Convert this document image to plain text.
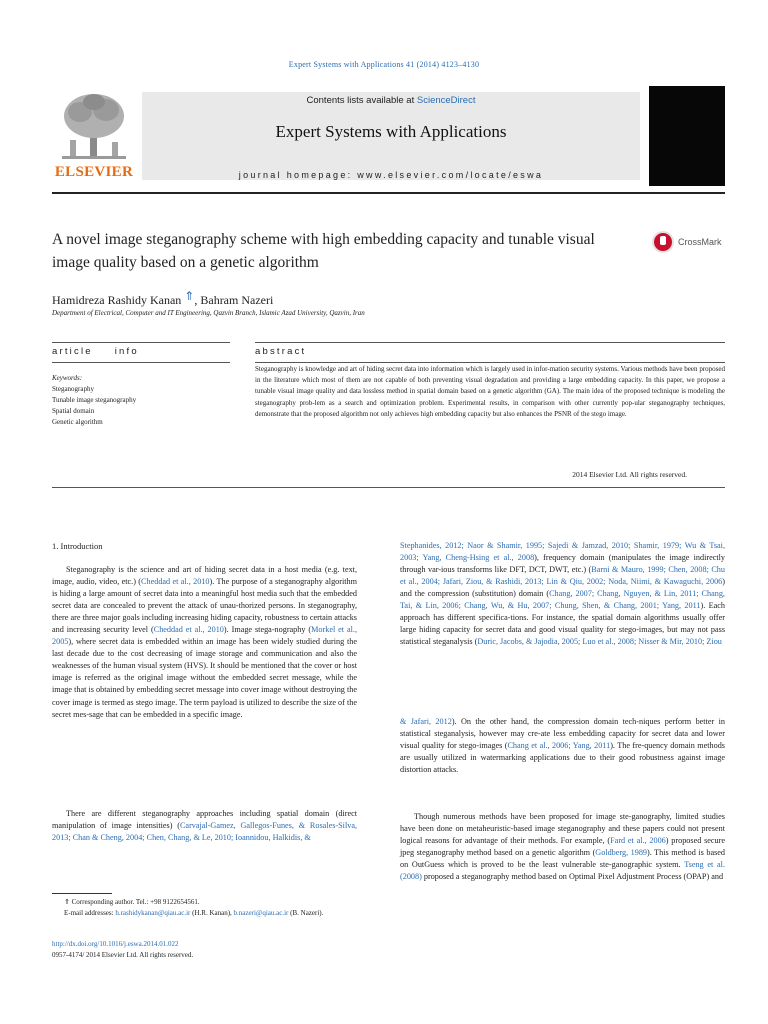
Expert Systems with Applications 41 (2014) 4123–4130
ELSEVIER
Contents lists available at ScienceDirect
Expert Systems with Applications
journal homepage: www.elsevier.com/locate/eswa
A novel image steganography scheme with high embedding capacity and tunable visual image quality based on a genetic algorithm
CrossMark
Hamidreza Rashidy Kanan ⇑, Bahram Nazeri
Department of Electrical, Computer and IT Engineering, Qazvin Branch, Islamic Azad University, Qazvin, Iran
article info	abstract
Keywords:
Steganography
Tunable image steganography
Spatial domain
Genetic algorithm
Steganography is knowledge and art of hiding secret data into information which is largely used in infor-mation security systems. Various methods have been proposed in the literature which most of them are not capable of both preventing visual degradation and providing a large embedding capacity. In this paper, we propose a tunable visual image quality and data lossless method in spatial domain based on a genetic algorithm (GA). The main idea of the proposed technique is modeling the steganography prob-lem as a search and optimization problem. Experimental results, in comparison with other currently pop-ular steganography techniques, demonstrate that the proposed algorithm not only achieves high embedding capacity but also enhances the PSNR of the stego image.
2014 Elsevier Ltd. All rights reserved.
1. Introduction

Steganography is the science and art of hiding secret data in a host media (e.g. text, image, audio, video, etc.) (Cheddad et al., 2010). The purpose of a steganography algorithm is hiding a large amount of secret data into a meaningful host media such that the embedded secret data are concealed to prevent the attack of unau-thorized persons. In steganography, there are three major goals including increasing hiding capacity, robustness to certain attacks and increasing security level (Cheddad et al., 2010). Image stega-nography (Morkel et al., 2005), where secret data is embedded within an image has been widely studied during the last decade due to the cost decreasing of image storage and communication and also the weaknesses of the human visual system (HVS). It should be mentioned that the cover or host image is referred as the original image without the embedded secret message, while the image that is obtained by embedding secret message into cover image without destroying the cover image is termed as stego image. The term payload is utilized to describe the size of the secret mes-sage that can be embedded in a specific image.

There are different steganography approaches including spatial domain (direct manipulation of image intensities) (Carvajal-Gamez, Gallegos-Funes, & Rosales-Silva, 2013; Chan & Cheng, 2004; Chen, Chang, & Le, 2010; Ioannidou, Halkidis, &

Stephanides, 2012; Naor & Shamir, 1995; Sajedi & Jamzad, 2010; Shamir, 1979; Wu & Tsai, 2003; Yang, Cheng-Hsing et al., 2008), frequency domain (manipulates the image indirectly through var-ious transforms like DFT, DCT, DWT, etc.) (Barni & Mauro, 1999; Chen, 2008; Chu et al., 2004; Jafari, Ziou, & Rashidi, 2013; Lin & Qiu, 2002; Noda, Niimi, & Kawaguchi, 2006) and the compression (substitution) domain (Chang, 2007; Chang, Nguyen, & Lin, 2011; Chang, Tai, & Lin, 2006; Chang, Wu, & Hu, 2007; Chung, Shen, & Chang, 2001; Yang, 2011). Each approach has different specifica-tions. For instance, the spatial domain algorithms usually offer large hiding capacity for secret data and good visual quality for stego-images, but may not pass statistical steganalysis (Duric, Jacobs, & Jajodia, 2005; Luo et al., 2008; Nisser & Mir, 2010; Ziou

& Jafari, 2012). On the other hand, the compression domain tech-niques perform better in statistical steganalysis, however may cre-ate less embedding capacity for secret data and lower visual quality for stego-images (Chang et al., 2006; Yang, 2011). The fre-quency domain methods are usually utilized in watermarking applications due to their good robustness against image distortion attacks.

Though numerous methods have been proposed for image ste-ganography, limited studies have been done on metaheuristic-based image steganography and these papers could not present logical reasons for advantage of their methods. For example, (Fard et al., 2006) proposed secure jpeg steganography method based on a genetic algorithm (Goldberg, 1989). This method is based on OutGuess which is proved to be the least vulnerable ste-ganographic system. Tseng et al. (2008) proposed a steganography method based on Optimal Pixel Adjustment Process (OPAP) and

⇑ Corresponding author. Tel.: +98 9122654561.

E-mail addresses: h.rashidykanan@qiau.ac.ir (H.R. Kanan), b.nazeri@qiau.ac.ir (B. Nazeri).

http://dx.doi.org/10.1016/j.eswa.2014.01.022
0957-4174/ 2014 Elsevier Ltd. All rights reserved.
